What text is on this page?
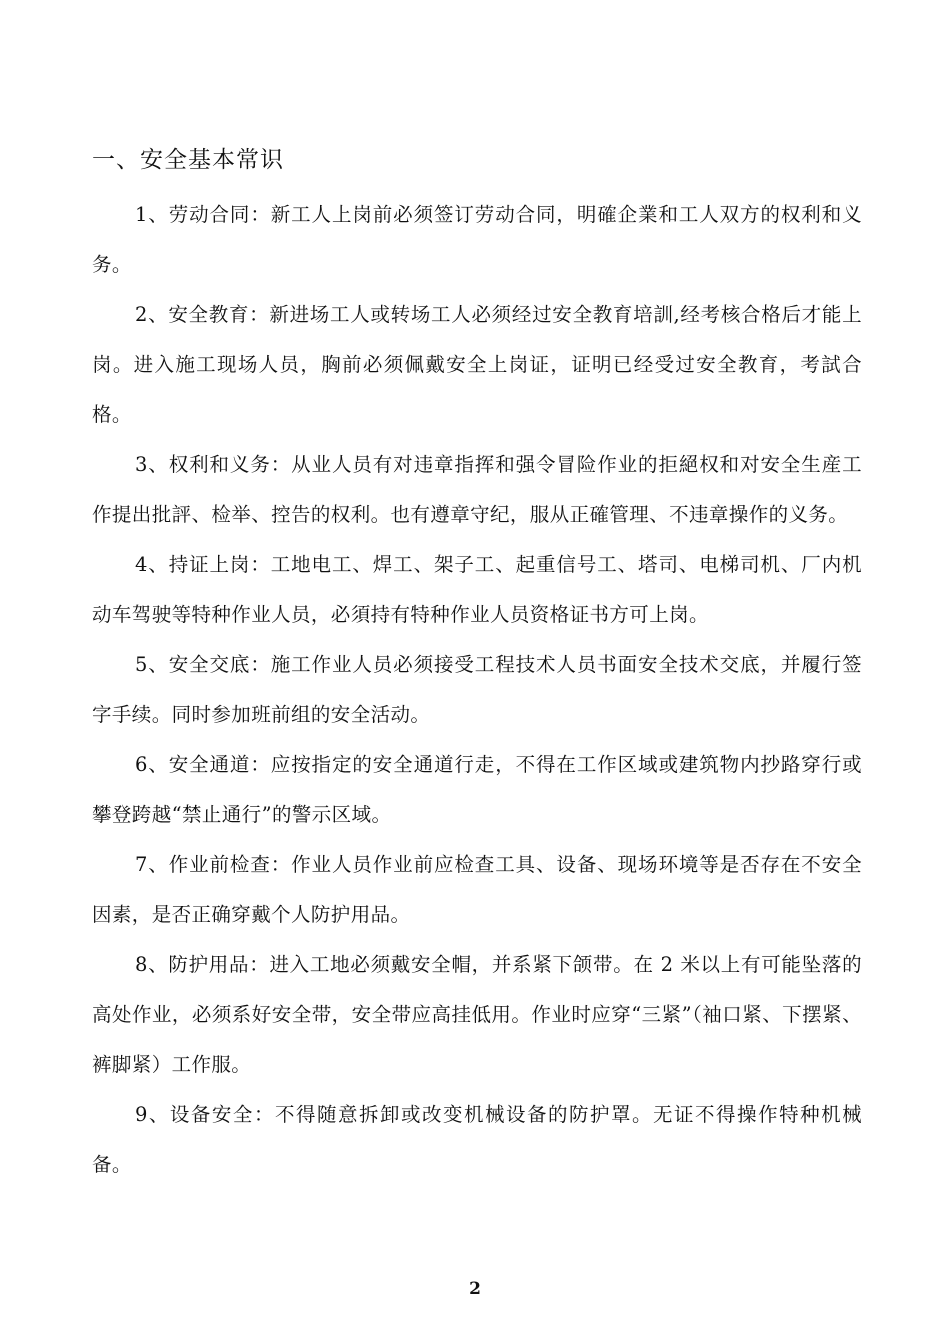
一、安全基本常识

1、劳动合同：新工人上岗前必须签订劳动合同，明確企業和工人双方的权利和义务。

2、安全教育：新进场工人或转场工人必须经过安全教育培訓,经考核合格后才能上岗。进入施工现场人员，胸前必须佩戴安全上岗证，证明已经受过安全教育，考試合格。

3、权利和义务：从业人员有对违章指挥和强令冒险作业的拒絕权和对安全生産工作提出批評、检举、控告的权利。也有遵章守纪，服从正確管理、不违章操作的义务。

4、持证上岗：工地电工、焊工、架子工、起重信号工、塔司、电梯司机、厂内机动车驾驶等特种作业人员，必須持有特种作业人员资格证书方可上岗。

5、安全交底：施工作业人员必须接受工程技术人员书面安全技术交底，并履行签字手续。同时参加班前组的安全活动。

6、安全通道：应按指定的安全通道行走，不得在工作区域或建筑物内抄路穿行或攀登跨越“禁止通行”的警示区域。

7、作业前检查：作业人员作业前应检查工具、设备、现场环境等是否存在不安全因素，是否正确穿戴个人防护用品。

8、防护用品：进入工地必须戴安全帽，并系紧下颌带。在 2 米以上有可能坠落的高处作业，必须系好安全带，安全带应高挂低用。作业时应穿“三紧”（袖口紧、下摆紧、裤脚紧）工作服。

9、设备安全：不得随意拆卸或改变机械设备的防护罩。无证不得操作特种机械备。

2
